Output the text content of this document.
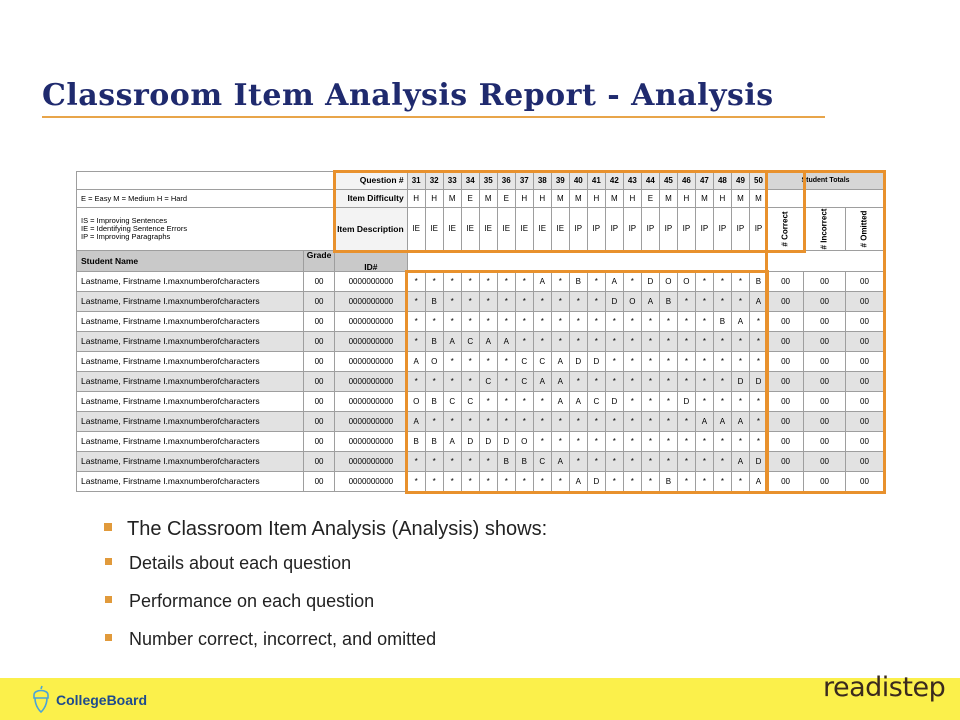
Classroom Item Analysis Report - Analysis
		Question #	31	32	33	34	35	36	37	38	39	40	41	42	43	44	45	46	47	48	49	50	Student Totals		
E = Easy M = Medium H = Hard		Item Difficulty	H	H	M	E	M	E	H	H	M	M	H	M	H	E	M	H	M	H	M	M			

IS = Improving Sentences
IE = Identifying Sentence Errors
IP = Improving Paragraphs		Item Description	IE	IE	IE	IE	IE	IE	IE	IE	IE	IP	IP	IP	IP	IP	IP	IP	IP	IP	IP	IP	# Correct	# Incorrect	# Omitted
Student Name	Grade	ID#																							
Lastname, Firstname I.maxnumberofcharacters	00	0000000000	*	*	*	*	*	*	*	A	*	B	*	A	*	D	O	O	*	*	*	B	00	00	00
Lastname, Firstname I.maxnumberofcharacters	00	0000000000	*	B	*	*	*	*	*	*	*	*	*	D	O	A	B	*	*	*	*	A	00	00	00
Lastname, Firstname I.maxnumberofcharacters	00	0000000000	*	*	*	*	*	*	*	*	*	*	*	*	*	*	*	*	*	B	A	*	00	00	00
Lastname, Firstname I.maxnumberofcharacters	00	0000000000	*	B	A	C	A	A	*	*	*	*	*	*	*	*	*	*	*	*	*	*	00	00	00
Lastname, Firstname I.maxnumberofcharacters	00	0000000000	A	O	*	*	*	*	C	C	A	D	D	*	*	*	*	*	*	*	*	*	00	00	00
Lastname, Firstname I.maxnumberofcharacters	00	0000000000	*	*	*	*	C	*	C	A	A	*	*	*	*	*	*	*	*	*	D	D	00	00	00
Lastname, Firstname I.maxnumberofcharacters	00	0000000000	O	B	C	C	*	*	*	*	A	A	C	D	*	*	*	D	*	*	*	*	00	00	00
Lastname, Firstname I.maxnumberofcharacters	00	0000000000	A	*	*	*	*	*	*	*	*	*	*	*	*	*	*	*	A	A	A	*	00	00	00
Lastname, Firstname I.maxnumberofcharacters	00	0000000000	B	B	A	D	D	D	O	*	*	*	*	*	*	*	*	*	*	*	*	*	00	00	00
Lastname, Firstname I.maxnumberofcharacters	00	0000000000	*	*	*	*	*	B	B	C	A	*	*	*	*	*	*	*	*	*	A	D	00	00	00
Lastname, Firstname I.maxnumberofcharacters	00	0000000000	*	*	*	*	*	*	*	*	*	A	D	*	*	*	B	*	*	*	*	A	00	00	00
The Classroom Item Analysis (Analysis) shows:
Details about each question
Performance on each question
Number correct, incorrect, and omitted
CollegeBoard	readistep
